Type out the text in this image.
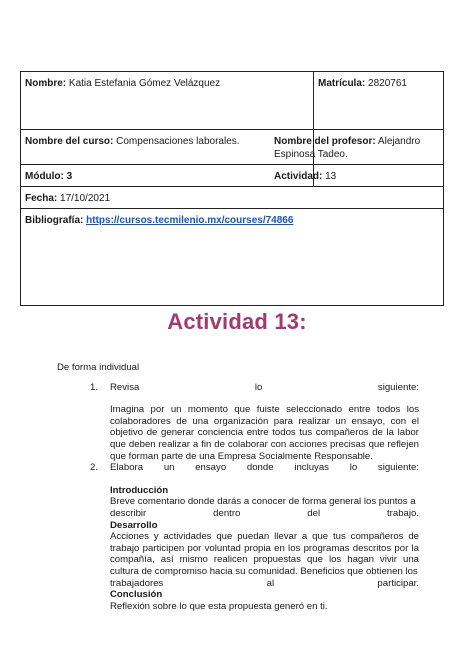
Nombre: Katia Estefania Gómez Velázquez	Matrícula: 2820761
Nombre del curso: Compensaciones laborales.	Nombre del profesor: Alejandro Espinosa Tadeo.

Módulo: 3	Actividad: 13

Fecha: 17/10/2021	
Bibliografía: https://cursos.tecmilenio.mx/courses/74866	
Actividad 13:

De forma individual

1. Revisa	lo	siguiente:

Imagina por un momento que fuiste seleccionado entre todos los colaboradores de una organización para realizar un ensayo, con el objetivo de generar conciencia entre todos tus compañeros de la labor que deben realizar a fin de colaborar con acciones precisas que reflejen que forman parte de una Empresa Socialmente Responsable.

2. Elabora un ensayo donde incluyas lo siguiente:

Introducción

Breve comentario donde darás a conocer de forma general los puntos a

describir	dentro	del	trabajo.

Desarrollo

Acciones y actividades que puedan llevar a que tus compañeros de trabajo participen por voluntad propia en los programas descritos por la compañía, así mismo realicen propuestas que los hagan vivir una cultura de compromiso hacia su comunidad. Beneficios que obtienen los

trabajadores	al	participar.

Conclusión

Reflexión sobre lo que esta propuesta generó en ti.
